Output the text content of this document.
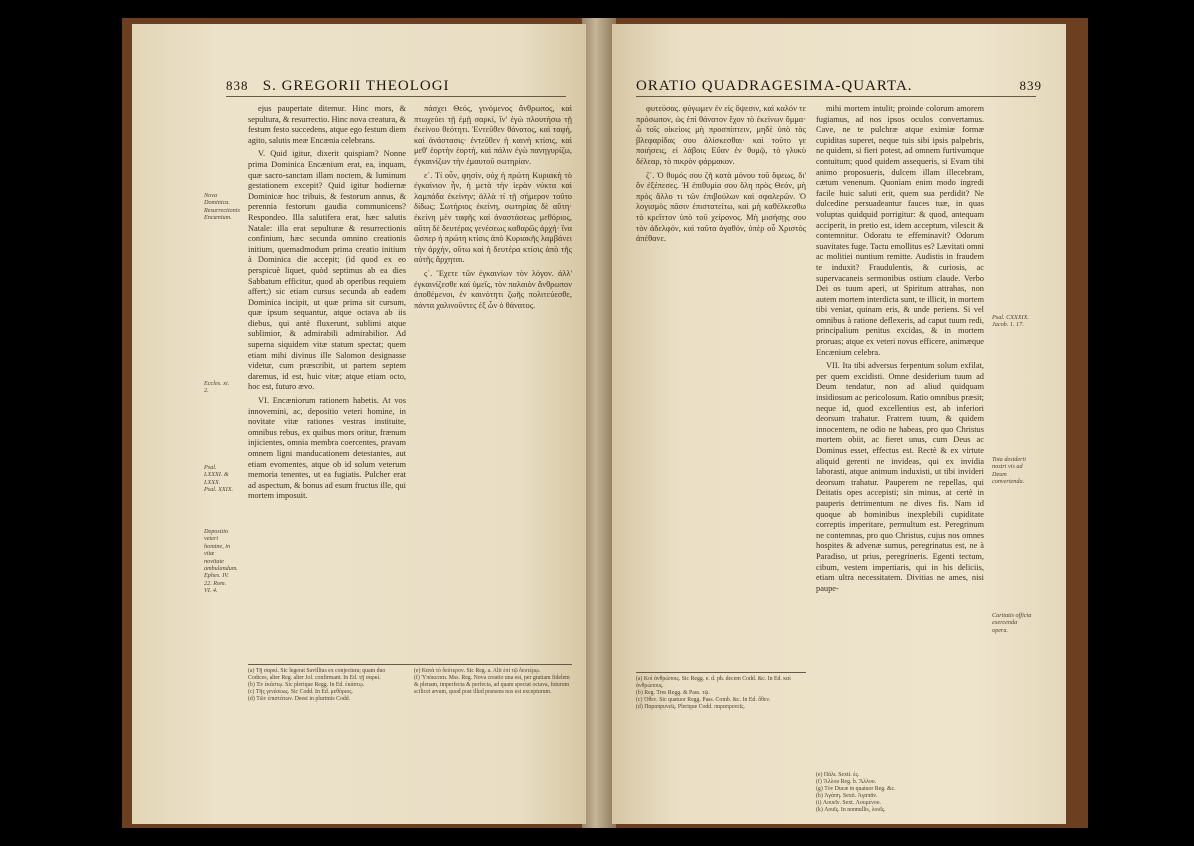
838 S. GREGORII THEOLOGI
Nova Dominica. Resurrectionis Encænium.
Eccles. xi. 2.
Psal. LXXXI. & LXXX.
Psal. XXIX.
Depositio veteri homine, in vitæ novitate ambulandum. Ephes. IV. 22. Rom. VI. 4.

ejus paupertate ditemur. Hinc mors, & sepultura, & resurrectio. Hinc nova creatura, & festum festo succedens, atque ego festum diem agito, salutis meæ Encænia celebrans.

V. Quid igitur, dixerit quispiam? Nonne prima Dominica Encænium erat, ea, inquam, quæ sacro-sanctam illam noctem, & luminum gestationem excepit? Quid igitur hodiernæ Dominicæ hoc tribuis, & festorum annus, & perennia festorum gaudia communicens? Respondeo. Illa salutifera erat, hæc salutis Natale: illa erat sepulturæ & resurrectionis confinium, hæc secunda omnino creationis initium, quemadmodum prima creatio initium à Dominica die accepit; (id quod ex eo perspicuè liquet, quòd septimus ab ea dies Sabbatum efficitur, quod ab operibus requiem affert;) sic etiam cursus secunda ab eadem Dominica incipit, ut quæ prima sit cursum, quæ ipsum sequantur, atque octava ab iis diebus, qui antè fluxerunt, sublimi atque sublimior, & admirabili admirabilior. Ad superna siquidem vitæ statum spectat; quem etiam mihi divinus ille Salomon designasse videtur, cum præscribit, ut partem septem daremus, id est, huic vitæ; atque etiam octo, hoc est, futuro ævo.

VI. Encæniorum rationem habetis. At vos innovemini, ac, depositio veteri homine, in novitate vitæ rationes vestras instituite, omnibus rebus, ex quibus mors oritur, frænum injicientes, omnia membra coercentes, pravam omnem ligni manducationem detestantes, aut etiam evomentes, atque ob id solum veterum memoria tenentes, ut ea fugiatis. Pulcher erat ad aspectum, & bonus ad esum fructus ille, qui mortem imposuit.

πάσχει Θεός, γινόμενος ἄνθρωπος, καὶ πτωχεύει τῇ ἐμῇ σαρκί, ἵν' ἐγὼ πλουτήσω τῇ ἐκείνου θεότητι. Ἐντεῦθεν θάνατος, καὶ ταφή, καὶ ἀνάστασις· ἐντεῦθεν ἡ καινὴ κτίσις, καὶ μεθ' ἑορτὴν ἑορτή, καὶ πάλιν ἐγὼ πανηγυρίζω, ἐγκαινίζων τὴν ἐμαυτοῦ σωτηρίαν.

ε΄. Τί οὖν, φησὶν, οὐχ ἡ πρώτη Κυριακὴ τὸ ἐγκαίνιον ἦν, ἡ μετὰ τὴν ἱερὰν νύκτα καὶ λαμπάδα ἐκείνην; ἀλλὰ τί τῇ σήμερον τοῦτο δίδως; Σωτήριος ἐκείνη, σωτηρίας δὲ αὕτη· ἐκείνη μὲν ταφῆς καὶ ἀναστάσεως μεθόριος, αὕτη δὲ δευτέρας γενέσεως καθαρῶς ἀρχή· ἵνα ὥσπερ ἡ πρώτη κτίσις ἀπὸ Κυριακῆς λαμβάνει τὴν ἀρχήν, οὕτω καὶ ἡ δευτέρα κτίσις ἀπὸ τῆς αὐτῆς ἄρχηται.

ς΄. Ἔχετε τῶν ἐγκαινίων τὸν λόγον. ἀλλ' ἐγκαινίζεσθε καὶ ὑμεῖς, τὸν παλαιὸν ἄνθρωπον ἀποθέμενοι, ἐν καινότητι ζωῆς πολιτεύεσθε, πάντα χαλινοῦντες ἐξ ὧν ὁ θάνατος.

(a) Τῇ σαρκί. Sic legerat Savillius ex conjectura; quam duo Codices, alter Reg. alter Jol. confirmant. In Ed. τῇ σαρκί.
(b) Ἐν ἑκάστῳ. Sic plerique Regg. In Ed. ἑκάστῳ.
(c) Τῆς γενέσεως. Sic Codd. In Ed. μεθόριος.
(d) Τῶν ἐπιστάτων. Deest in plurimis Codd.
(e) Κατὰ τὸ δεύτερον. Sic Reg. a. Alii ἐπὶ τῷ δευτέρῳ.
(f) Ὑπόκειται. Mss. Reg. Nova creatio una est, per gratiam fidelem & plenam, imperfecta & perfecta, ad quam spectat octava, futurum scilicet ævum, quod post illud præsens nos est excepturum.
ORATIO QUADRAGESIMA-QUARTA.	839

φυτεύσας. φύγωμεν ἐν εἰς ὄψεσιν, καὶ καλόν τε πρόσωπον, ὡς ἐπὶ θάνατον ἔχον τὸ ἐκείνων ὄμμα· ὦ τοῖς οἰκείοις μὴ προσπίπτειν, μηδὲ ὑπὸ τὰς βλεφαρίδας σου ἀλίσκεσθαι· καὶ τοῦτο γε ποιήσεις, εἰ λάβοις Εὔαν ἐν θυμῷ, τὸ γλυκὺ δέλεαρ, τὸ πικρὸν φάρμακον.

ζ΄. Ὁ θυμός σου ζῆ κατὰ μόνου τοῦ ὄφεως, δι' ὃν ἐξέπεσες. Ἡ ἐπιθυμία σου ὅλη πρὸς Θεόν, μὴ πρὸς ἄλλο τι τῶν ἐπιβούλων καὶ σφαλερῶν. Ὁ λογισμὸς πᾶσιν ἐπιστατείτω, καὶ μὴ καθέλκεσθω τὸ κρεῖττον ὑπὸ τοῦ χείρονος. Μὴ μισήσῃς σου τὸν ἀδελφόν, καὶ ταῦτα ἀγαθόν, ὑπὲρ οὗ Χριστὸς ἀπέθανε.

mihi mortem intulit; proinde colorum amorem fugiamus, ad nos ipsos oculos convertamus. Cave, ne te pulchræ atque eximiæ formæ cupiditas superet, neque tuis sibi ipsis palpebris, ne quidem, si fieri potest, ad omnem furtivumque contuitum; quod quidem assequeris, si Evam tibi animo proposueris, dulcem illam illecebram, cætum venenum. Quoniam enim modo ingredi facile huic saluti erit, quem sua perdidit? Ne dulcedine persuadeantur fauces tuæ, in quas voluptas quidquid porrigitur: & quod, antequam acciperit, in pretio est, idem acceptum, vilescit & contemnitur. Odoratu te effeminavit? Odorum suavitates fuge. Tactu emollitus es? Lævitati omni ac molitiei nuntium remitte. Audistis in fraudem te induxit? Fraudulentis, & curiosis, ac supervacaneis sermonibus ostium claude. Verbo Dei os tuum aperi, ut Spiritum attrahas, non autem mortem interdicta sunt, te illicit, in mortem tibi veniat, quinam eris, & unde periens. Si vel omnibus à ratione deflexeris, ad caput tuum redi, principalium penitus excidas, & in mortem proruas; atque ex veteri novus efficere, animæque Encænium celebra.

VII. Ita tibi adversus ferpentum solum exfilat, per quem excidisti. Omne desiderium tuum ad Deum tendatur, non ad aliud quidquam insidiosum ac pericolosum. Ratio omnibus præsit; neque id, quod excellentius est, ab inferiori deorsum trahatur. Fratrem tuum, & quidem innocentem, ne odio ne habeas, pro quo Christus mortem obiit, ac fieret unus, cum Deus ac Dominus esset, effectus est. Rectè & ex virtute aliquid gerenti ne invideas, qui ex invidia laborasti, atque animum induxisti, ut tibi invideri deorsum trahatur. Pauperem ne repellas, qui Deitatis opes accepisti; sin minus, at certè in pauperis detrimentum ne dives fis. Nam id quoque ab hominibus inexplebili cupiditate correptis imperitare, permultum est. Peregrinum ne contemnas, pro quo Christus, cujus nos omnes hospites & advenæ sumus, peregrinatus est, ne à Paradiso, ut prius, peregrineris. Egenti tectum, cibum, vestem impertiaris, qui in his deliciis, etiam ultra necessitatem. Divitias ne ames, nisi paupe-

Psal. CXXXIX. Jacob. 1. 17.
Tota desiderii nostri vis ad Deum convertenda.
Caritatis officia exercenda opera.
(a) Κοὶ ἀνθρώποις. Sic Regg. e. d. ph. decem Codd. &c. In Ed. καὶ ἀνθρώπους.
(b) Reg. Tres Regg. & Pass. τῷ.
(c) Ὀθεν. Sic quatuor Regg. Pass. Comb. &c. In Ed. ὅθεν.
(d) Παραπρυνεῖς. Plerique Codd. παραπρυνεῖς.
(e) Πάλι. Sexti. ἐς.
(f) Ἄλλου Reg. b. Ἄλλου.
(g) Τὸν Ducæ in quatuor Reg. &c.
(h) Ἀγάπη. Sexti. Ἀγαπᾶν.
(i) Λουεῖν. Sext. Λουμένου.
(k) Λουῖς. In nonnullis, λουΐς.
